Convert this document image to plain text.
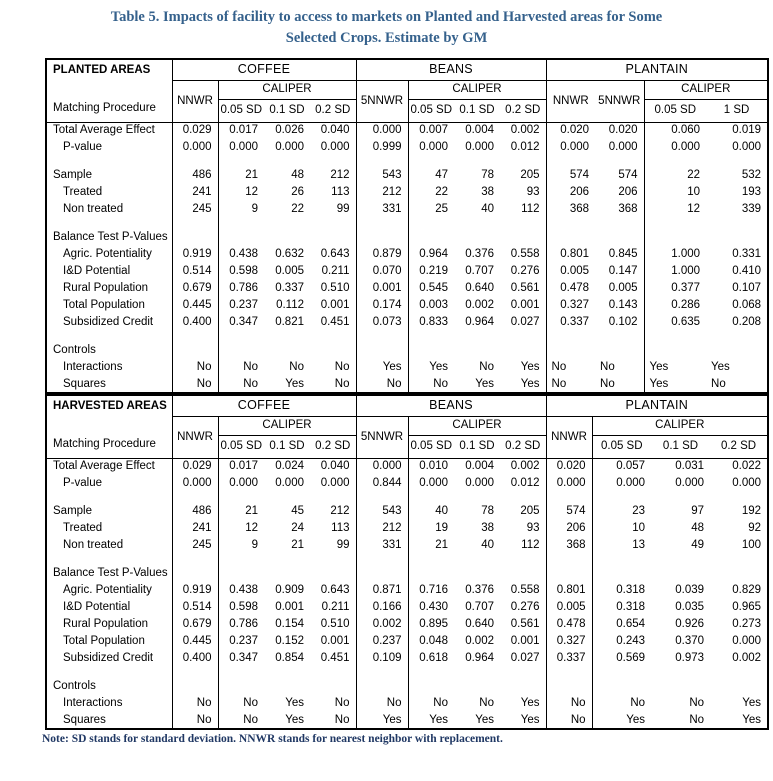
Table 5. Impacts of facility to access to markets on Planted and Harvested areas for Some
Selected Crops. Estimate by GM
PLANTED AREAS
Matching Procedure	COFFEE				BEANS				PLANTAIN			
	NNWR	CALIPER			5NNWR	CALIPER			NNWR	5NNWR	CALIPER	
		0.05 SD	0.1 SD	0.2 SD		0.05 SD	0.1 SD	0.2 SD			0.05 SD	1 SD
Total Average Effect	0.029	0.017	0.026	0.040	0.000	0.007	0.004	0.002	0.020	0.020	0.060	0.019
P-value	0.000	0.000	0.000	0.000	0.999	0.000	0.000	0.012	0.000	0.000	0.000	0.000

Sample	486	21	48	212	543	47	78	205	574	574	22	532
Treated	241	12	26	113	212	22	38	93	206	206	10	193
Non treated	245	9	22	99	331	25	40	112	368	368	12	339

Balance Test P-Values												
Agric. Potentiality	0.919	0.438	0.632	0.643	0.879	0.964	0.376	0.558	0.801	0.845	1.000	0.331
I&D Potential	0.514	0.598	0.005	0.211	0.070	0.219	0.707	0.276	0.005	0.147	1.000	0.410
Rural Population	0.679	0.786	0.337	0.510	0.001	0.545	0.640	0.561	0.478	0.005	0.377	0.107
Total Population	0.445	0.237	0.112	0.001	0.174	0.003	0.002	0.001	0.327	0.143	0.286	0.068
Subsidized Credit	0.400	0.347	0.821	0.451	0.073	0.833	0.964	0.027	0.337	0.102	0.635	0.208

Controls												
Interactions	No	No	No	No	Yes	Yes	No	Yes	No	No	Yes	Yes
Squares	No	No	Yes	No	No	No	Yes	Yes	No	No	Yes	No
HARVESTED AREAS
Matching Procedure	COFFEE				BEANS				PLANTAIN			
	NNWR	CALIPER			5NNWR	CALIPER			NNWR	CALIPER		
		0.05 SD	0.1 SD	0.2 SD		0.05 SD	0.1 SD	0.2 SD		0.05 SD	0.1 SD	0.2 SD
Total Average Effect	0.029	0.017	0.024	0.040	0.000	0.010	0.004	0.002	0.020	0.057	0.031	0.022
P-value	0.000	0.000	0.000	0.000	0.844	0.000	0.000	0.012	0.000	0.000	0.000	0.000

Sample	486	21	45	212	543	40	78	205	574	23	97	192
Treated	241	12	24	113	212	19	38	93	206	10	48	92
Non treated	245	9	21	99	331	21	40	112	368	13	49	100

Balance Test P-Values												
Agric. Potentiality	0.919	0.438	0.909	0.643	0.871	0.716	0.376	0.558	0.801	0.318	0.039	0.829
I&D Potential	0.514	0.598	0.001	0.211	0.166	0.430	0.707	0.276	0.005	0.318	0.035	0.965
Rural Population	0.679	0.786	0.154	0.510	0.002	0.895	0.640	0.561	0.478	0.654	0.926	0.273
Total Population	0.445	0.237	0.152	0.001	0.237	0.048	0.002	0.001	0.327	0.243	0.370	0.000
Subsidized Credit	0.400	0.347	0.854	0.451	0.109	0.618	0.964	0.027	0.337	0.569	0.973	0.002

Controls												
Interactions	No	No	Yes	No	No	No	No	Yes	No	No	No	Yes
Squares	No	No	Yes	No	Yes	Yes	Yes	Yes	No	Yes	No	Yes
Note: SD stands for standard deviation. NNWR stands for nearest neighbor with replacement.
